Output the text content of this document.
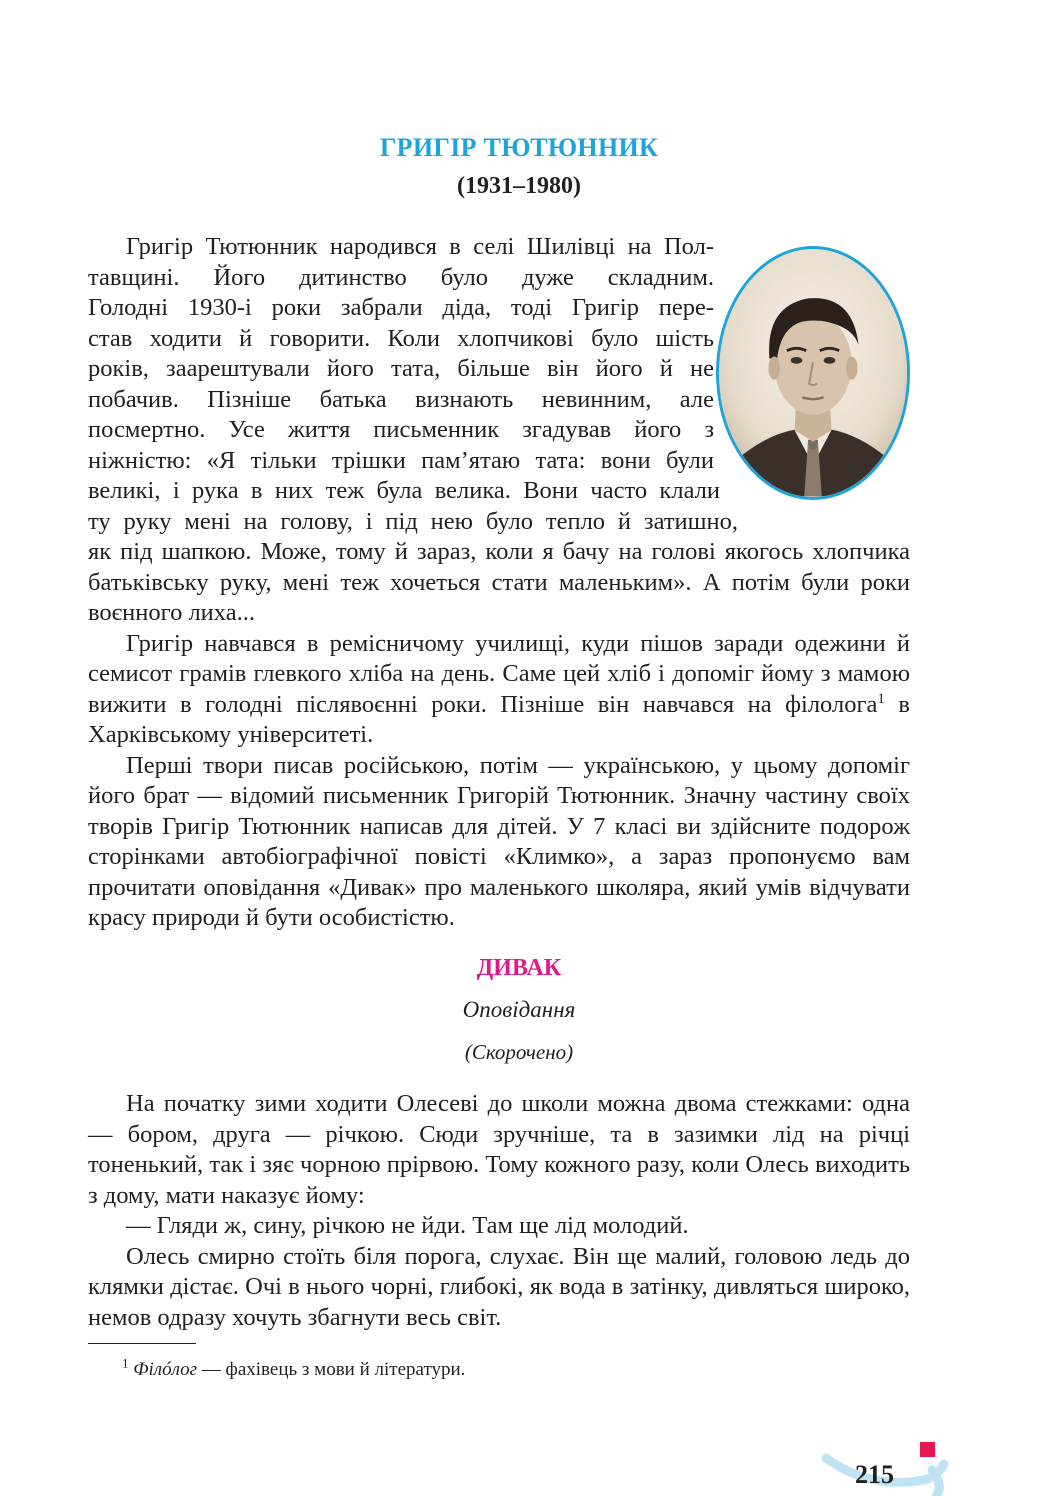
ГРИГІР ТЮТЮННИК
(1931–1980)

Григір Тютюнник народився в селі Шилівці на Пол-
тавщині. Його дитинство було дуже складним.
Голодні 1930-і роки забрали діда, тоді Григір пере-
став ходити й говорити. Коли хлопчикові було шість
років, заарештували його тата, більше він його й не
побачив. Пізніше батька визнають невинним, але
посмертно. Усе життя письменник згадував його з
ніжністю: «Я тільки трішки пам’ятаю тата: вони були
великі, і рука в них теж була велика. Вони часто клали
ту руку мені на голову, і під нею було тепло й затишно,
як під шапкою. Може, тому й зараз, коли я бачу на голові якогось хлопчика батьківську руку, мені теж хочеться стати маленьким». А потім були роки воєнного лиха...

Григір навчався в ремісничому училищі, куди пішов заради одежини й семисот грамів глевкого хліба на день. Саме цей хліб і допоміг йому з мамою вижити в голодні післявоєнні роки. Пізніше він навчався на філолога$^1$ в Харківському університеті.

Перші твори писав російською, потім — українською, у цьому допоміг його брат — відомий письменник Григорій Тютюнник. Значну частину своїх творів Григір Тютюнник написав для дітей. У 7 класі ви здійсните подорож сторінками автобіографічної повісті «Климко», а зараз пропонуємо вам прочитати оповідання «Дивак» про маленького школяра, який умів відчувати красу природи й бути особистістю.

ДИВАК
Оповідання
(Скорочено)

На початку зими ходити Олесеві до школи можна двома стежками: одна — бором, друга — річкою. Сюди зручніше, та в зазимки лід на річці тоненький, так і зяє чорною прірвою. Тому кожного разу, коли Олесь виходить з дому, мати наказує йому:

— Гляди ж, сину, річкою не йди. Там ще лід молодий.

Олесь смирно стоїть біля порога, слухає. Він ще малий, головою ледь до клямки дістає. Очі в нього чорні, глибокі, як вода в затінку, дивляться широко, немов одразу хочуть збагнути весь світ.

$^1$ Філóлог — фахівець з мови й літератури.
215
